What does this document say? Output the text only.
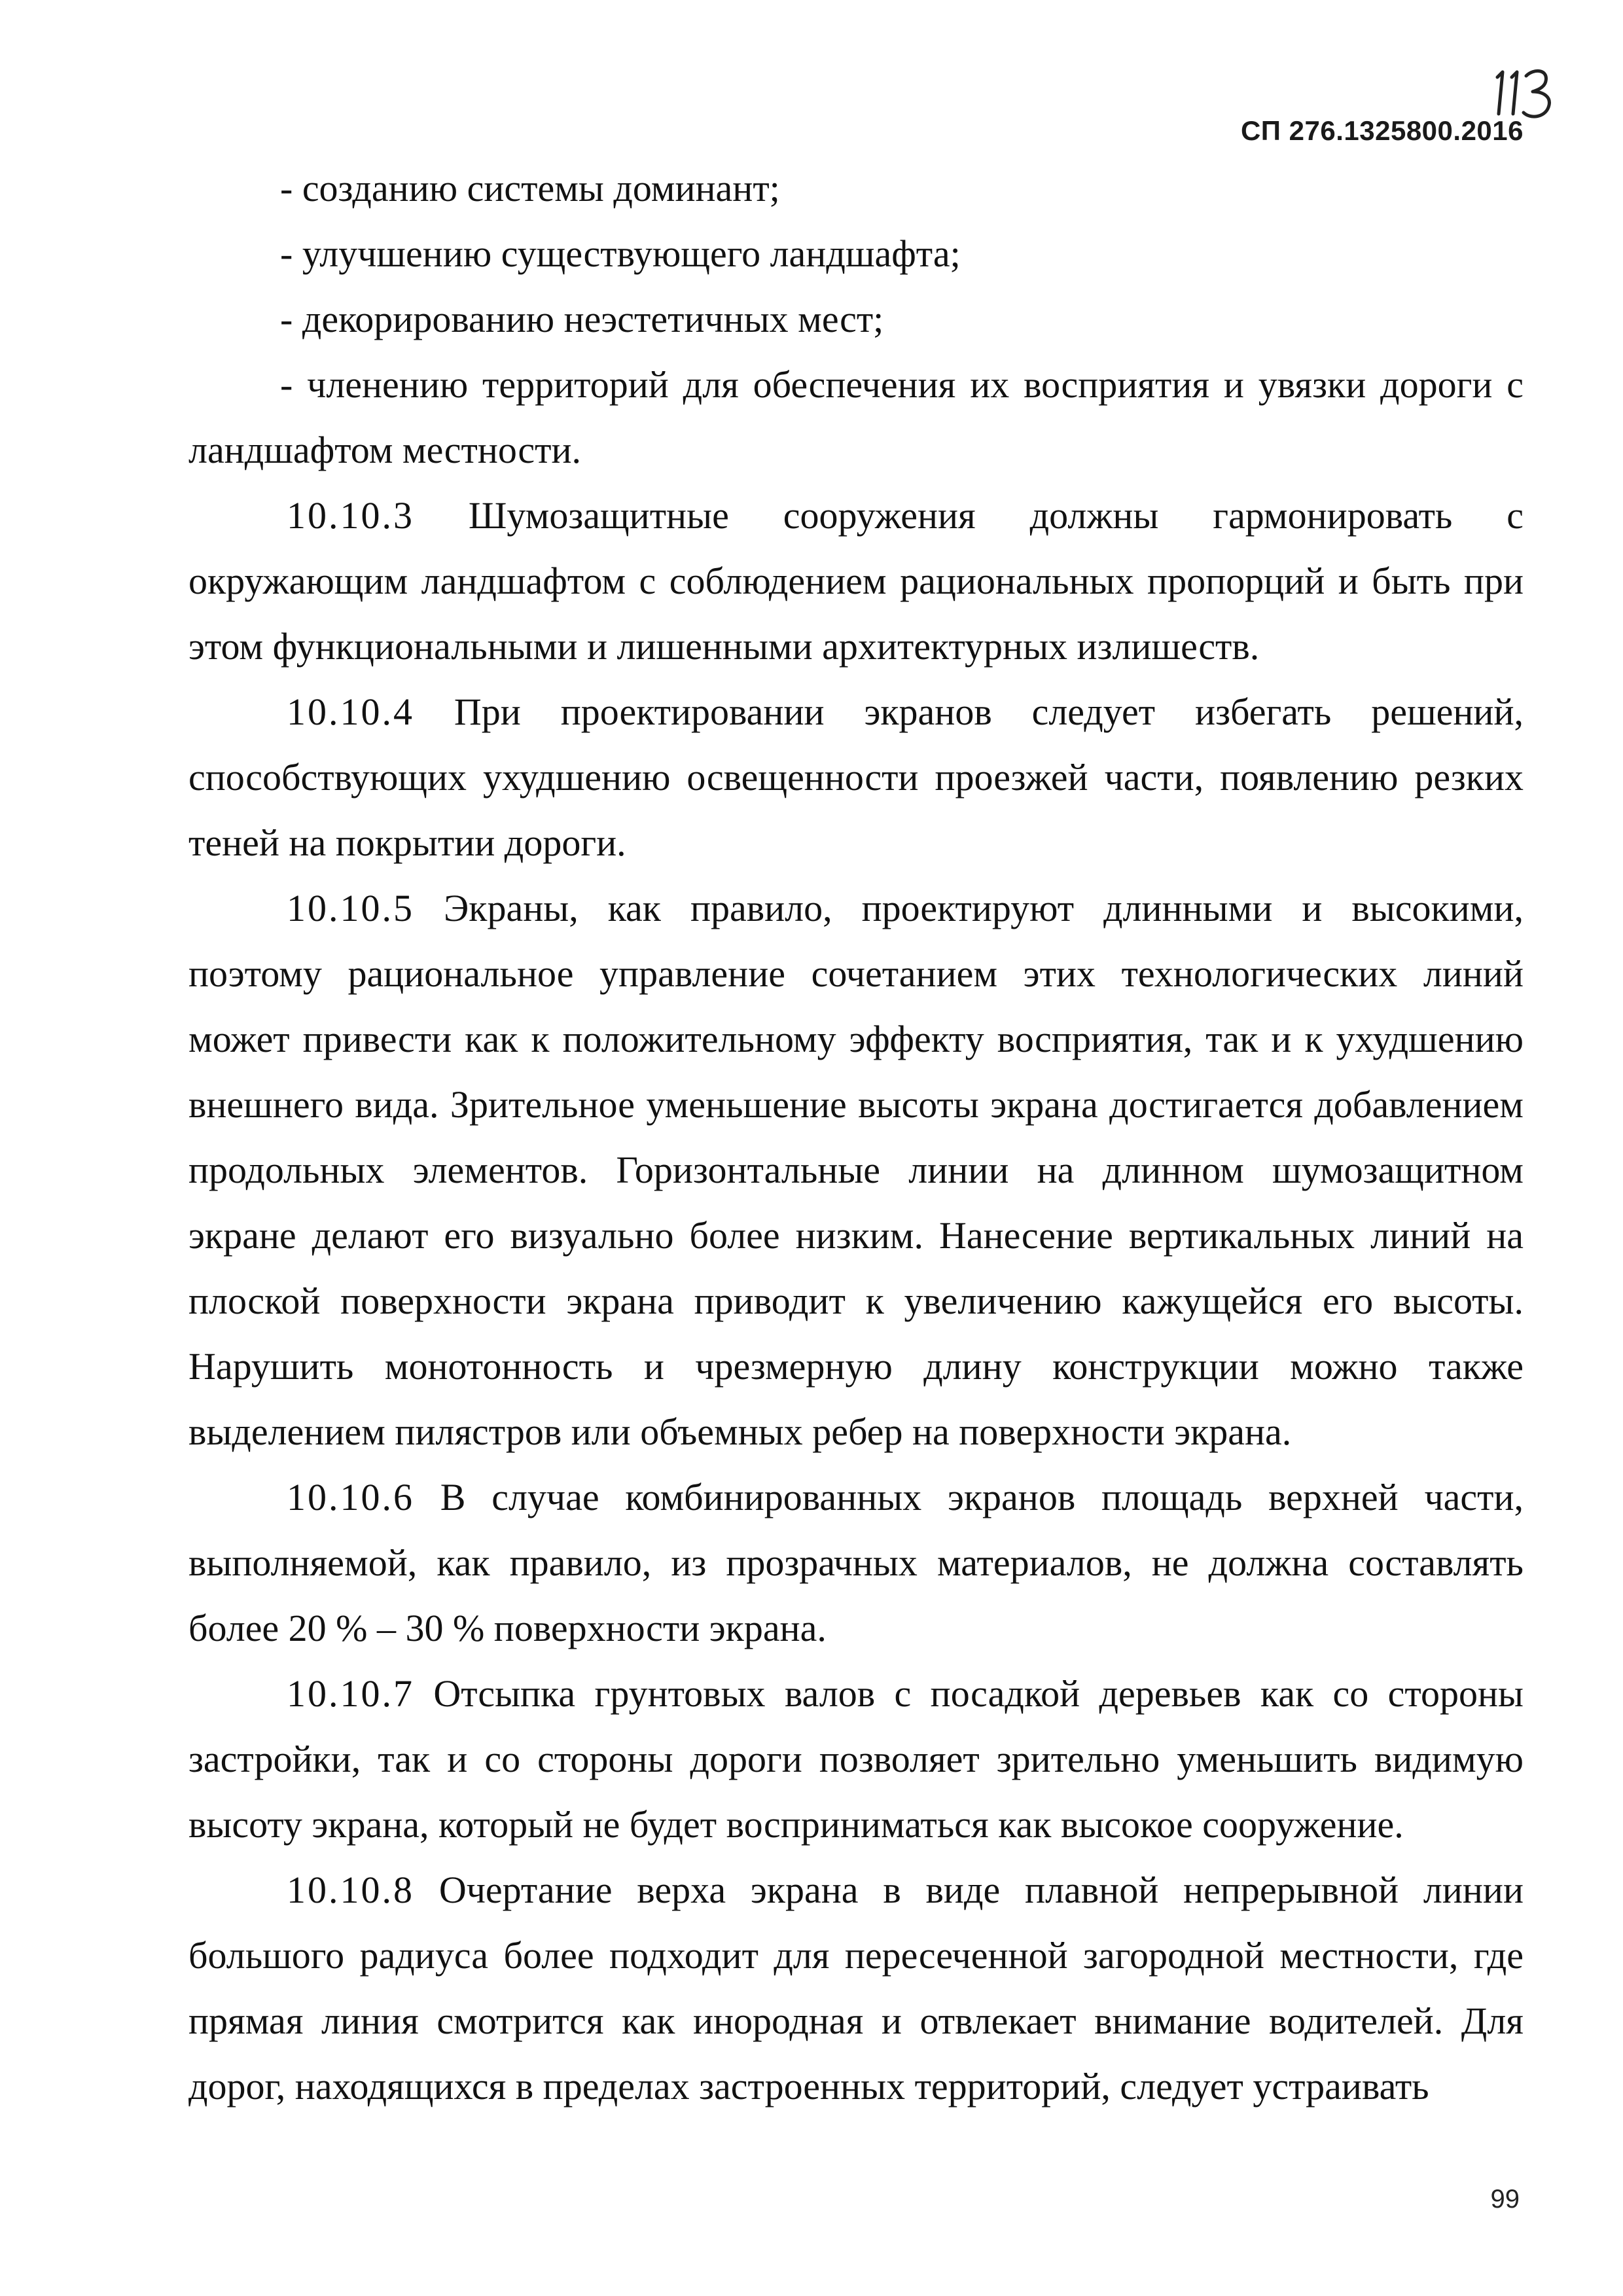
СП 276.1325800.2016

- созданию системы доминант;

- улучшению существующего ландшафта;

- декорированию неэстетичных мест;

- членению территорий для обеспечения их восприятия и увязки дороги с ландшафтом местности.

10.10.3 Шумозащитные сооружения должны гармонировать с окружающим ландшафтом с соблюдением рациональных пропорций и быть при этом функциональными и лишенными архитектурных излишеств.

10.10.4 При проектировании экранов следует избегать решений, способствующих ухудшению освещенности проезжей части, появлению резких теней на покрытии дороги.

10.10.5 Экраны, как правило, проектируют длинными и высокими, поэтому рациональное управление сочетанием этих технологических линий может привести как к положительному эффекту восприятия, так и к ухудшению внешнего вида. Зрительное уменьшение высоты экрана достигается добавлением продольных элементов. Горизонтальные линии на длинном шумозащитном экране делают его визуально более низким. Нанесение вертикальных линий на плоской поверхности экрана приводит к увеличению кажущейся его высоты. Нарушить монотонность и чрезмерную длину конструкции можно также выделением пилястров или объемных ребер на поверхности экрана.

10.10.6 В случае комбинированных экранов площадь верхней части, выполняемой, как правило, из прозрачных материалов, не должна составлять более 20 % – 30 % поверхности экрана.

10.10.7 Отсыпка грунтовых валов с посадкой деревьев как со стороны застройки, так и со стороны дороги позволяет зрительно уменьшить видимую высоту экрана, который не будет восприниматься как высокое сооружение.

10.10.8 Очертание верха экрана в виде плавной непрерывной линии большого радиуса более подходит для пересеченной загородной местности, где прямая линия смотрится как инородная и отвлекает внимание водителей. Для дорог, находящихся в пределах застроенных территорий, следует устраивать

99
